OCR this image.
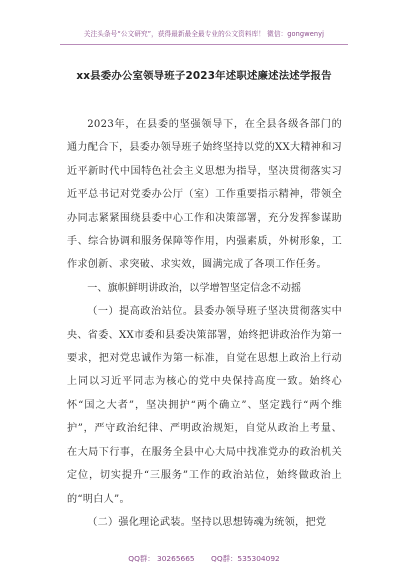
关注头条号“公文研究”，获得最新最全最专业的公文资料库！ 微信：gongwenyj
xx县委办公室领导班子2023年述职述廉述法述学报告

2023年，在县委的坚强领导下，在全县各级各部门的通力配合下，县委办领导班子始终坚持以党的XX大精神和习近平新时代中国特色社会主义思想为指导，坚决贯彻落实习近平总书记对党委办公厅（室）工作重要指示精神，带领全办同志紧紧围绕县委中心工作和决策部署，充分发挥参谋助手、综合协调和服务保障等作用，内强素质，外树形象，工作求创新、求突破、求实效，圆满完成了各项工作任务。

一、旗帜鲜明讲政治，以学增智坚定信念不动摇

（一）提高政治站位。县委办领导班子坚决贯彻落实中央、省委、XX市委和县委决策部署，始终把讲政治作为第一要求，把对党忠诚作为第一标准，自觉在思想上政治上行动上同以习近平同志为核心的党中央保持高度一致。始终心怀“国之大者”，坚决拥护“两个确立”、坚定践行“两个维护”，严守政治纪律、严明政治规矩，自觉从政治上考量、在大局下行事，在服务全县中心大局中找准党办的政治机关定位，切实提升“三服务”工作的政治站位，始终做政治上的“明白人”。

（二）强化理论武装。坚持以思想铸魂为统领，把党

QQ群： 30265665 QQ群：535304092
